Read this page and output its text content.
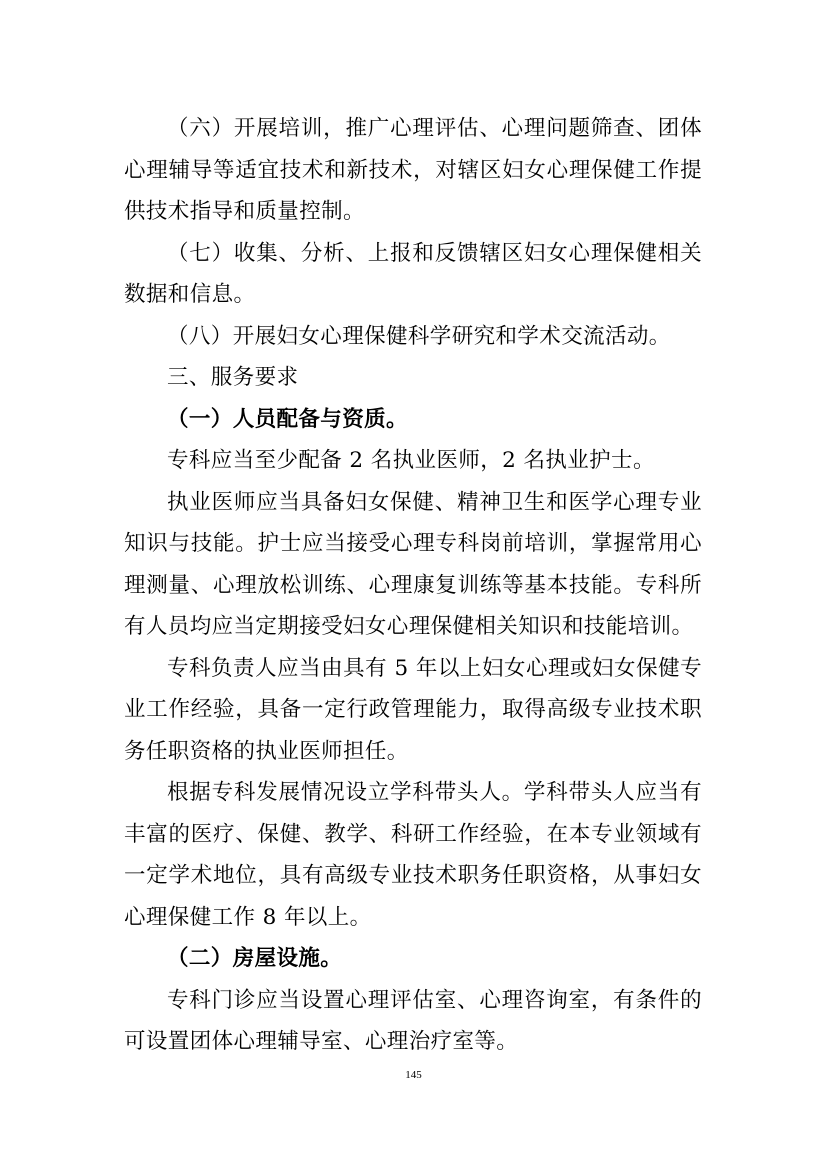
（六）开展培训，推广心理评估、心理问题筛查、团体心理辅导等适宜技术和新技术，对辖区妇女心理保健工作提供技术指导和质量控制。

（七）收集、分析、上报和反馈辖区妇女心理保健相关数据和信息。

（八）开展妇女心理保健科学研究和学术交流活动。

三、服务要求

（一）人员配备与资质。

专科应当至少配备 2 名执业医师，2 名执业护士。

执业医师应当具备妇女保健、精神卫生和医学心理专业知识与技能。护士应当接受心理专科岗前培训，掌握常用心理测量、心理放松训练、心理康复训练等基本技能。专科所有人员均应当定期接受妇女心理保健相关知识和技能培训。

专科负责人应当由具有 5 年以上妇女心理或妇女保健专业工作经验，具备一定行政管理能力，取得高级专业技术职务任职资格的执业医师担任。

根据专科发展情况设立学科带头人。学科带头人应当有丰富的医疗、保健、教学、科研工作经验，在本专业领域有一定学术地位，具有高级专业技术职务任职资格，从事妇女心理保健工作 8 年以上。

（二）房屋设施。

专科门诊应当设置心理评估室、心理咨询室，有条件的可设置团体心理辅导室、心理治疗室等。

145
